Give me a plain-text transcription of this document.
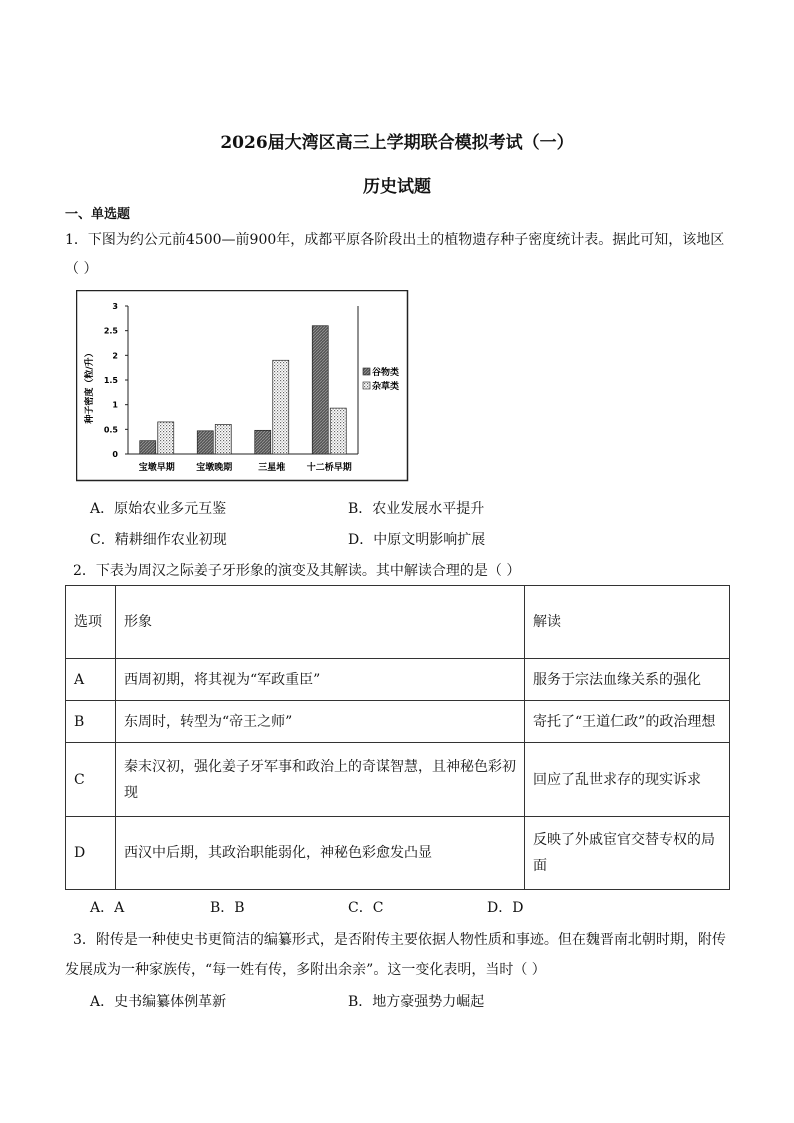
2026届大湾区高三上学期联合模拟考试（一）
历史试题
一、单选题
1．下图为约公元前4500—前900年，成都平原各阶段出土的植物遗存种子密度统计表。据此可知，该地区
（ ）
0
0.5
1
1.5
2
2.5
3
宝墩早期 宝墩晚期	三星堆 十二桥早期
种子密度（粒/升）	谷物类
杂草类
A．原始农业多元互鉴	B．农业发展水平提升
C．精耕细作农业初现	D．中原文明影响扩展
2．下表为周汉之际姜子牙形象的演变及其解读。其中解读合理的是（ ）
选项	形象	解读
A	西周初期，将其视为“军政重臣”	服务于宗法血缘关系的强化
B	东周时，转型为“帝王之师”	寄托了“王道仁政”的政治理想
C	秦末汉初，强化姜子牙军事和政治上的奇谋智慧，且神秘色彩初现	回应了乱世求存的现实诉求
D	西汉中后期，其政治职能弱化，神秘色彩愈发凸显	反映了外戚宦官交替专权的局面
A．A	B．B	C．C	D．D
3．附传是一种使史书更简洁的编纂形式，是否附传主要依据人物性质和事迹。但在魏晋南北朝时期，附传
发展成为一种家族传，“每一姓有传，多附出余亲”。这一变化表明，当时（ ）
A．史书编纂体例革新	B．地方豪强势力崛起
